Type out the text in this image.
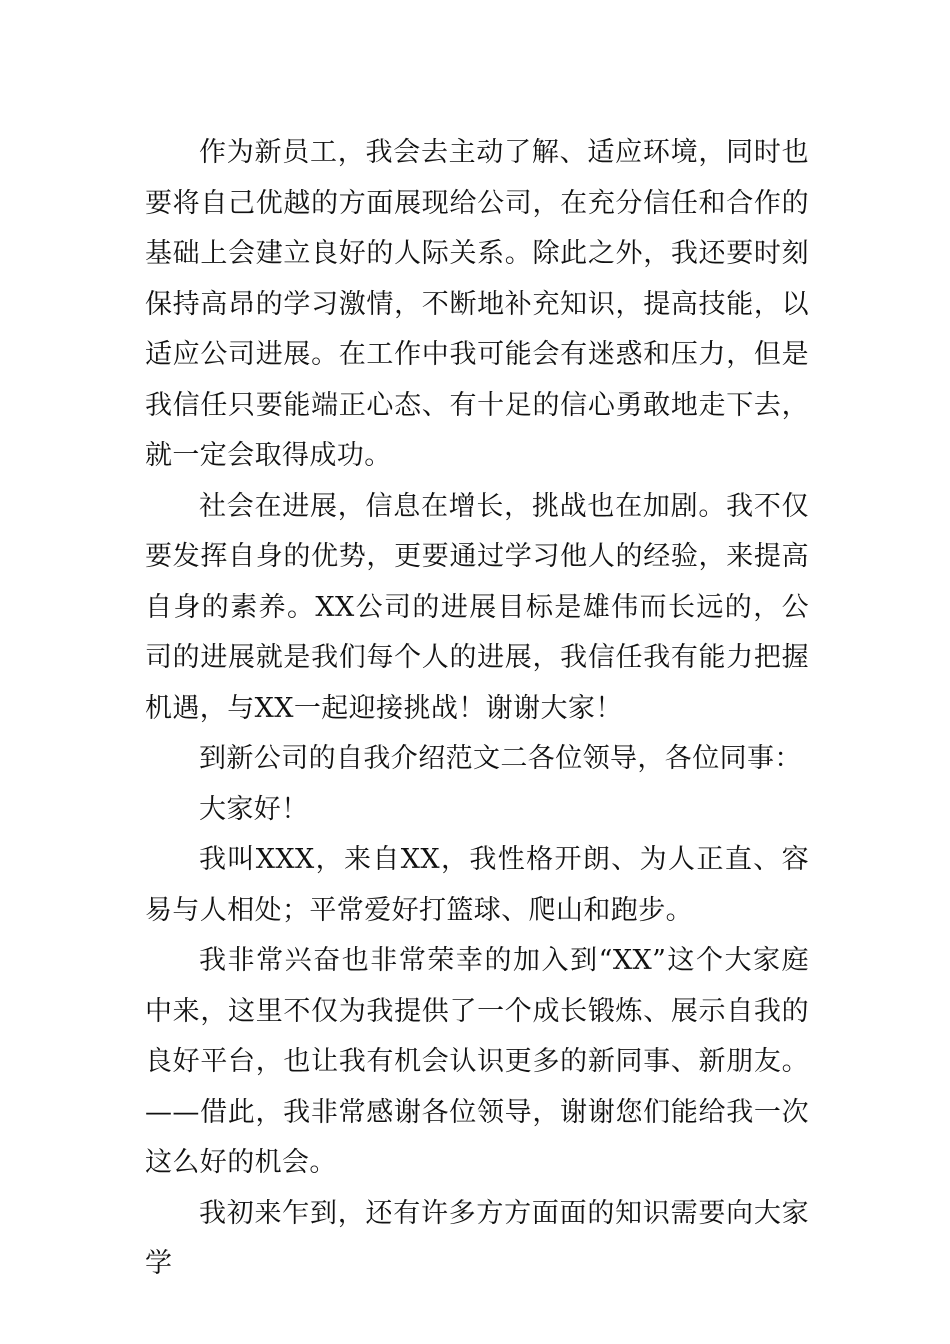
作为新员工，我会去主动了解、适应环境，同时也要将自己优越的方面展现给公司，在充分信任和合作的基础上会建立良好的人际关系。除此之外，我还要时刻保持高昂的学习激情，不断地补充知识，提高技能，以适应公司进展。在工作中我可能会有迷惑和压力，但是我信任只要能端正心态、有十足的信心勇敢地走下去，就一定会取得成功。

社会在进展，信息在增长，挑战也在加剧。我不仅要发挥自身的优势，更要通过学习他人的经验，来提高自身的素养。XX公司的进展目标是雄伟而长远的，公司的进展就是我们每个人的进展，我信任我有能力把握机遇，与XX一起迎接挑战！谢谢大家！

到新公司的自我介绍范文二各位领导，各位同事：

大家好！

我叫XXX，来自XX，我性格开朗、为人正直、容易与人相处；平常爱好打篮球、爬山和跑步。

我非常兴奋也非常荣幸的加入到“XX”这个大家庭中来，这里不仅为我提供了一个成长锻炼、展示自我的良好平台，也让我有机会认识更多的新同事、新朋友。——借此，我非常感谢各位领导，谢谢您们能给我一次这么好的机会。

我初来乍到，还有许多方方面面的知识需要向大家学
